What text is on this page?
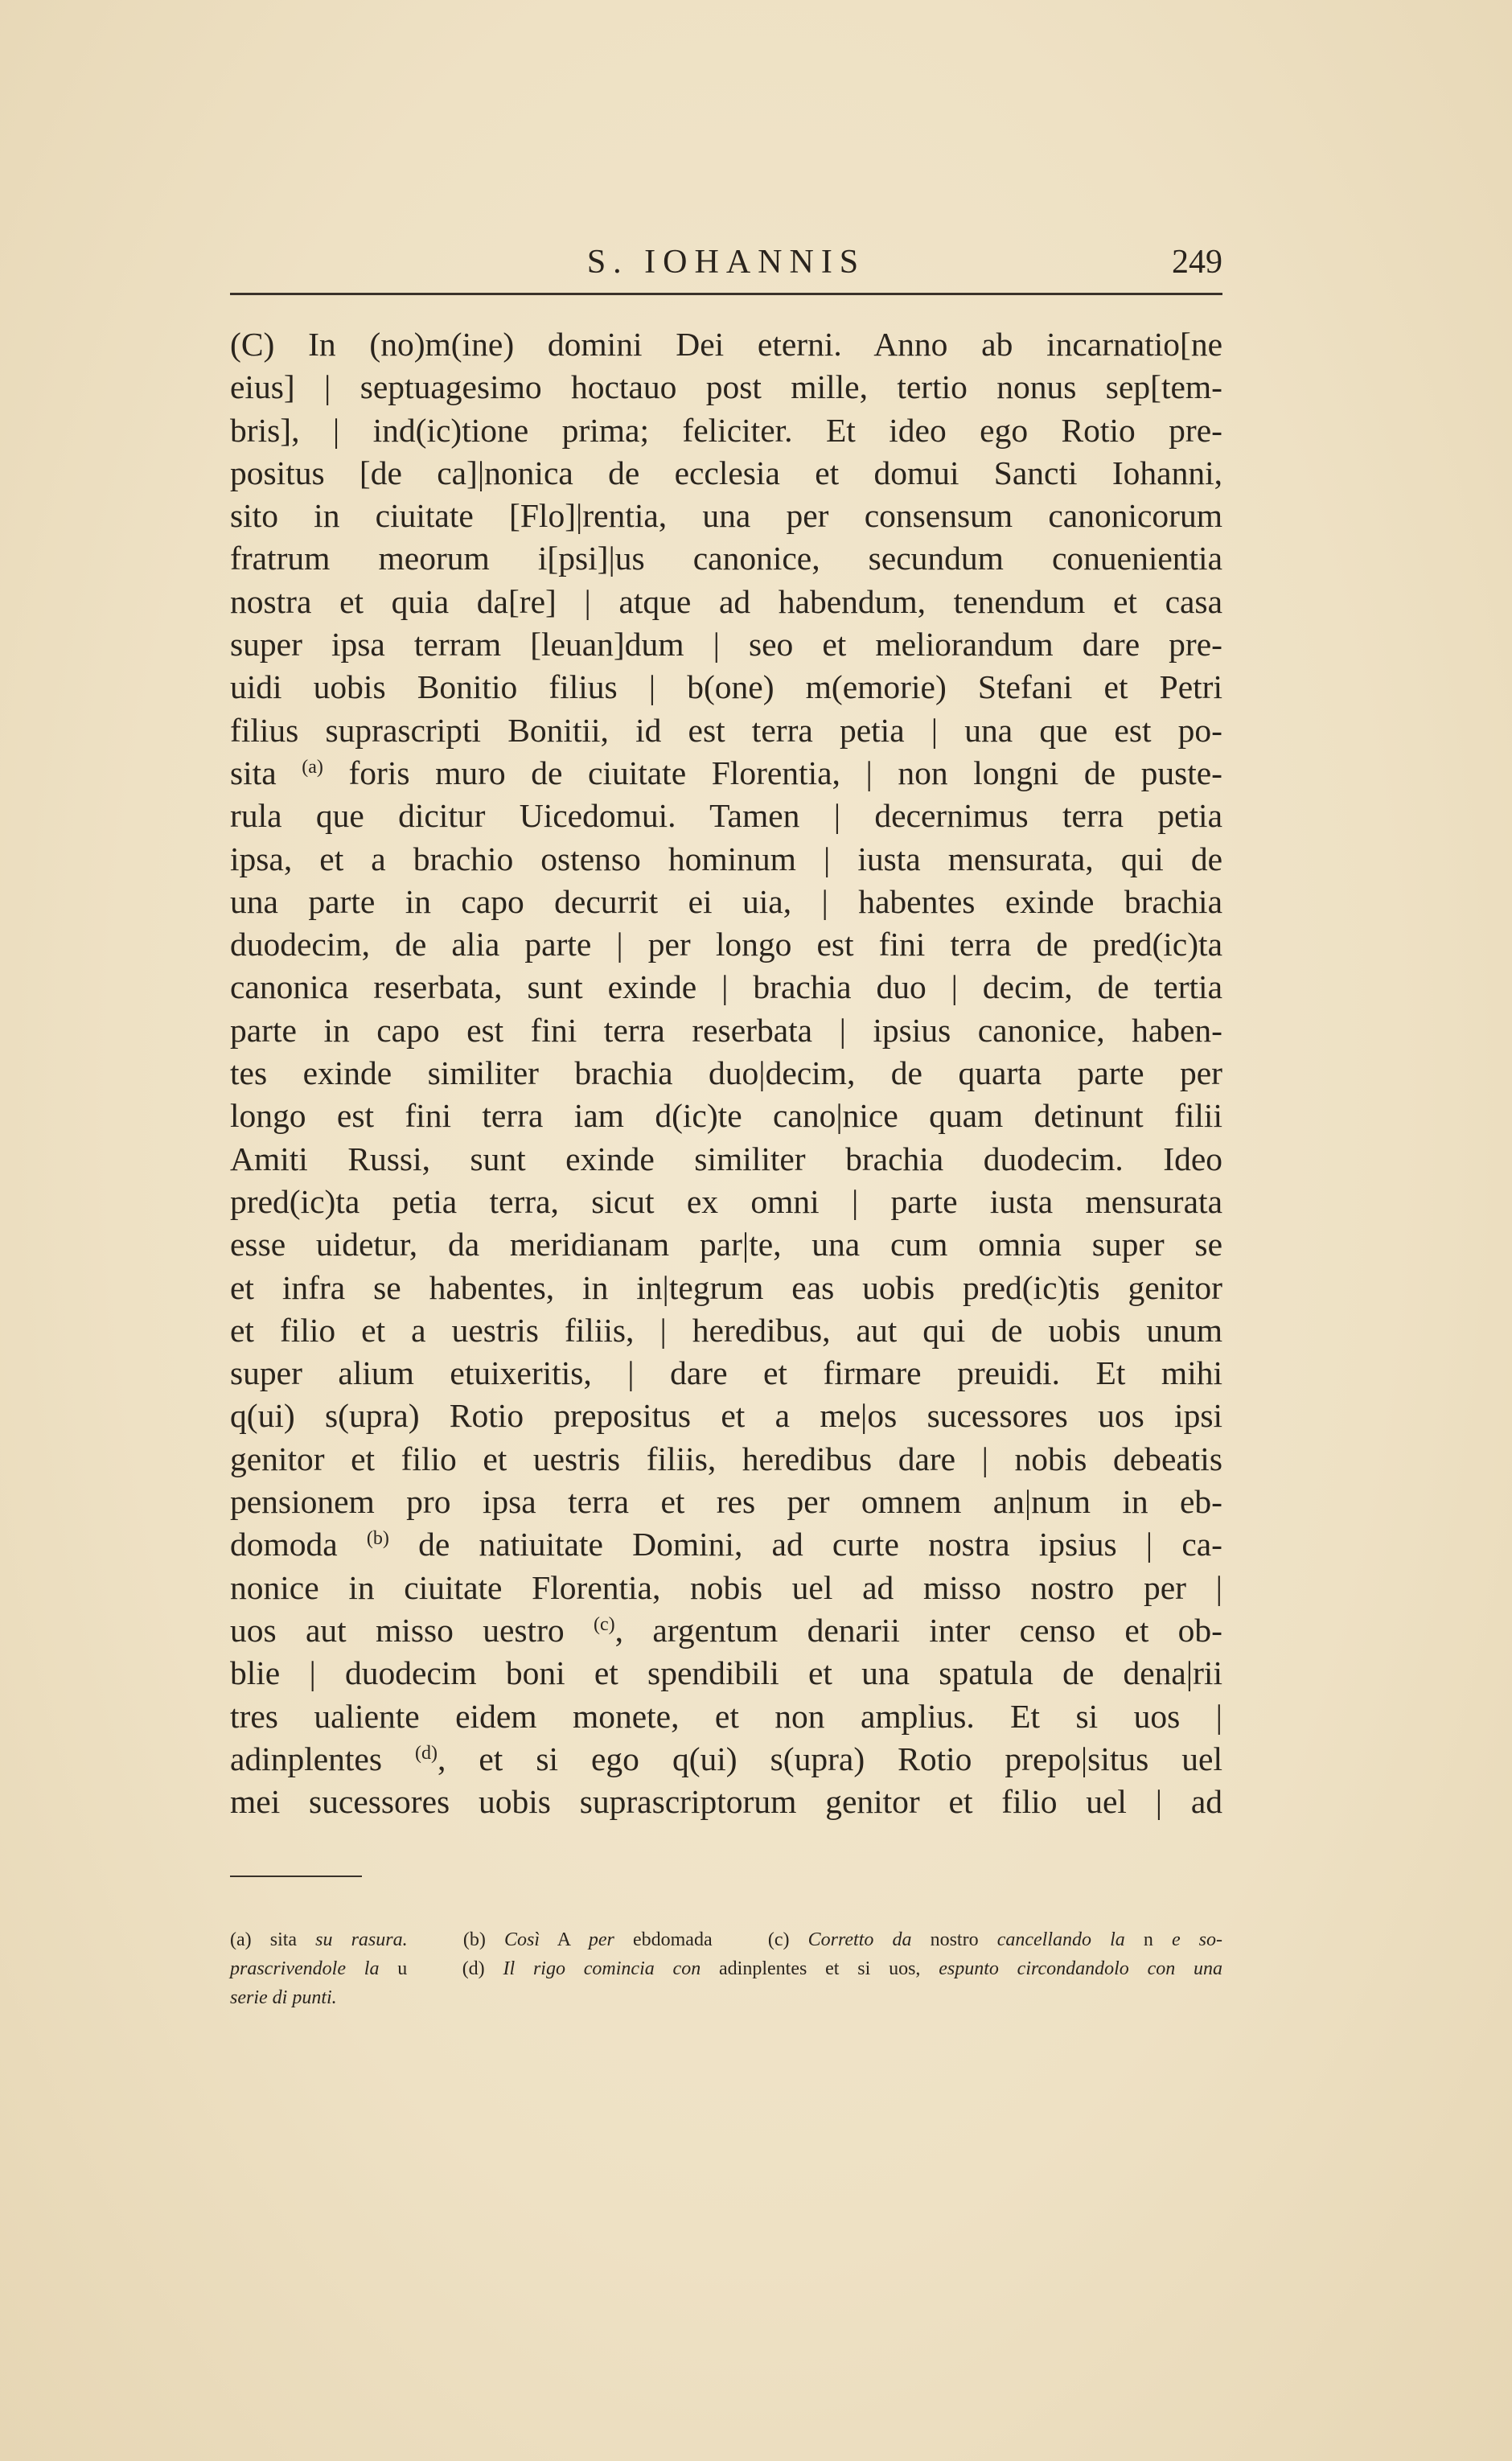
S. IOHANNIS	249
(C) In (no)m(ine) domini Dei eterni. Anno ab incarnatio[ne
eius] | septuagesimo hoctauo post mille, tertio nonus sep[tem-
bris], | ind(ic)tione prima; feliciter. Et ideo ego Rotio pre-
positus [de ca]|nonica de ecclesia et domui Sancti Iohanni,
sito in ciuitate [Flo]|rentia, una per consensum canonicorum
fratrum meorum i[psi]|us canonice, secundum conuenientia
nostra et quia da[re] | atque ad habendum, tenendum et casa
super ipsa terram [leuan]dum | seo et meliorandum dare pre-
uidi uobis Bonitio filius | b(one) m(emorie) Stefani et Petri
filius suprascripti Bonitii, id est terra petia | una que est po-
sita $^{(a)}$ foris muro de ciuitate Florentia, | non longni de puste-
rula que dicitur Uicedomui. Tamen | decernimus terra petia
ipsa, et a brachio ostenso hominum | iusta mensurata, qui de
una parte in capo decurrit ei uia, | habentes exinde brachia
duodecim, de alia parte | per longo est fini terra de pred(ic)ta
canonica reserbata, sunt exinde | brachia duo | decim, de tertia
parte in capo est fini terra reserbata | ipsius canonice, haben-
tes exinde similiter brachia duo|decim, de quarta parte per
longo est fini terra iam d(ic)te cano|nice quam detinunt filii
Amiti Russi, sunt exinde similiter brachia duodecim. Ideo
pred(ic)ta petia terra, sicut ex omni | parte iusta mensurata
esse uidetur, da meridianam par|te, una cum omnia super se
et infra se habentes, in in|tegrum eas uobis pred(ic)tis genitor
et filio et a uestris filiis, | heredibus, aut qui de uobis unum
super alium etuixeritis, | dare et firmare preuidi. Et mihi
q(ui) s(upra) Rotio prepositus et a me|os sucessores uos ipsi
genitor et filio et uestris filiis, heredibus dare | nobis debeatis
pensionem pro ipsa terra et res per omnem an|num in eb-
domoda $^{(b)}$ de natiuitate Domini, ad curte nostra ipsius | ca-
nonice in ciuitate Florentia, nobis uel ad misso nostro per |
uos aut misso uestro $^{(c)}$, argentum denarii inter censo et ob-
blie | duodecim boni et spendibili et una spatula de dena|rii
tres ualiente eidem monete, et non amplius. Et si uos |
adinplentes $^{(d)}$, et si ego q(ui) s(upra) Rotio prepo|situs uel
mei sucessores uobis suprascriptorum genitor et filio uel | ad
(a) sita su rasura.	(b) Così A per ebdomada	(c) Corretto da nostro cancellando la n e so-
prascrivendole la u	(d) Il rigo comincia con adinplentes et si uos, espunto circondandolo con una
serie di punti.
